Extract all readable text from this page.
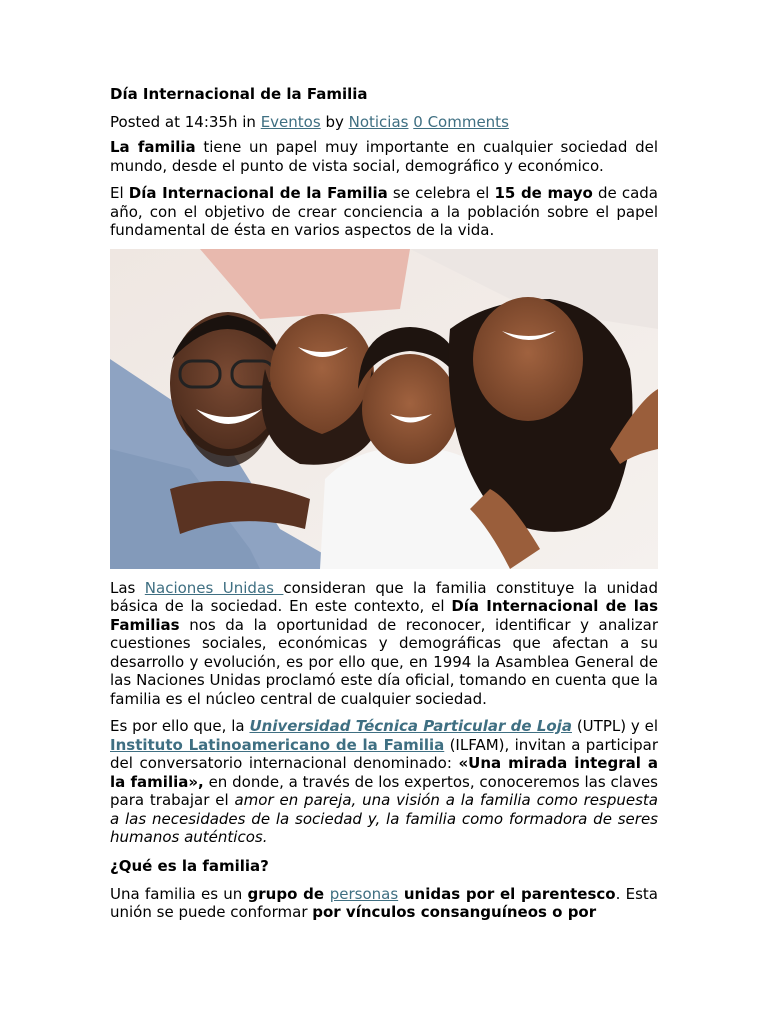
Día Internacional de la Familia
Posted at 14:35h in Eventos by Noticias 0 Comments

La familia tiene un papel muy importante en cualquier sociedad del mundo, desde el punto de vista social, demográfico y económico.

El Día Internacional de la Familia se celebra el 15 de mayo de cada año, con el objetivo de crear conciencia a la población sobre el papel fundamental de ésta en varios aspectos de la vida.

Las Naciones Unidas consideran que la familia constituye la unidad básica de la sociedad. En este contexto, el Día Internacional de las Familias nos da la oportunidad de reconocer, identificar y analizar cuestiones sociales, económicas y demográficas que afectan a su desarrollo y evolución, es por ello que, en 1994 la Asamblea General de las Naciones Unidas proclamó este día oficial, tomando en cuenta que la familia es el núcleo central de cualquier sociedad.

Es por ello que, la Universidad Técnica Particular de Loja (UTPL) y el Instituto Latinoamericano de la Familia (ILFAM), invitan a participar del conversatorio internacional denominado: «Una mirada integral a la familia», en donde, a través de los expertos, conoceremos las claves para trabajar el amor en pareja, una visión a la familia como respuesta a las necesidades de la sociedad y, la familia como formadora de seres humanos auténticos.

¿Qué es la familia?

Una familia es un grupo de personas unidas por el parentesco. Esta unión se puede conformar por vínculos consanguíneos o por
